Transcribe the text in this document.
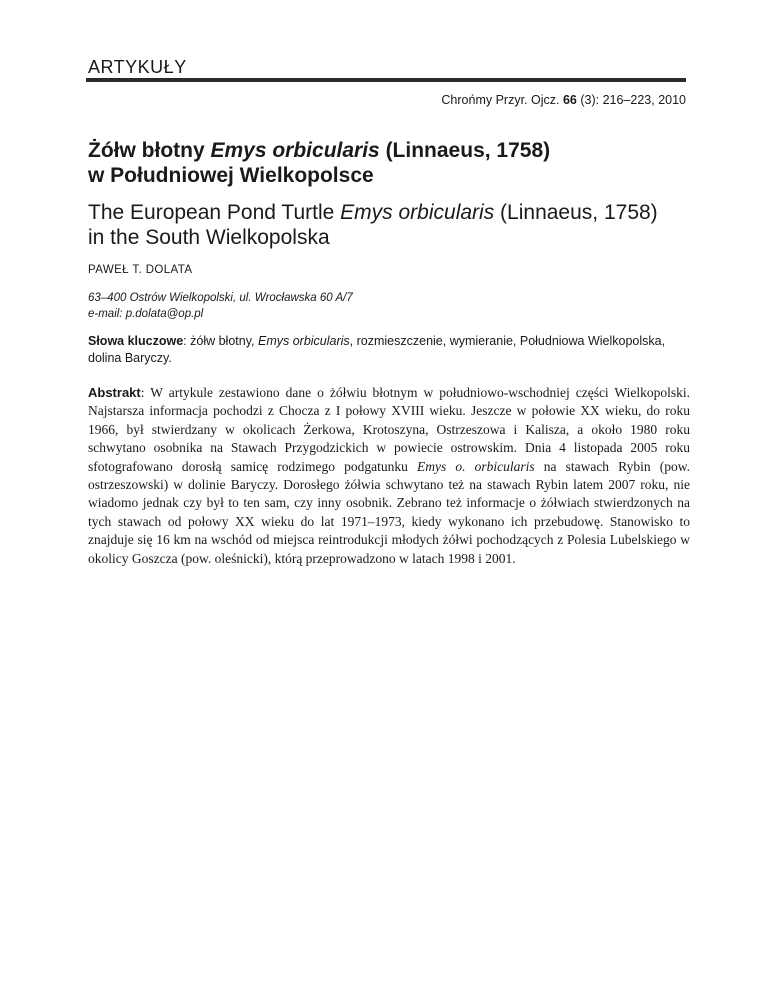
ARTYKUŁY
Chrońmy Przyr. Ojcz. 66 (3): 216–223, 2010
Żółw błotny Emys orbicularis (Linnaeus, 1758)
w Południowej Wielkopolsce
The European Pond Turtle Emys orbicularis (Linnaeus, 1758)
in the South Wielkopolska
PAWEŁ T. DOLATA
63–400 Ostrów Wielkopolski, ul. Wrocławska 60 A/7
e-mail: p.dolata@op.pl
Słowa kluczowe: żółw błotny, Emys orbicularis, rozmieszczenie, wymieranie, Południowa Wielkopolska, dolina Baryczy.
Abstrakt: W artykule zestawiono dane o żółwiu błotnym w południowo-wschodniej części Wielkopolski. Najstarsza informacja pochodzi z Chocza z I połowy XVIII wieku. Jeszcze w połowie XX wieku, do roku 1966, był stwierdzany w okolicach Żerkowa, Krotoszyna, Ostrzeszowa i Kalisza, a około 1980 roku schwytano osobnika na Stawach Przygodzickich w powiecie ostrowskim. Dnia 4 listopada 2005 roku sfotografowano dorosłą samicę rodzimego podgatunku Emys o. orbicularis na stawach Rybin (pow. ostrzeszowski) w dolinie Baryczy. Dorosłego żółwia schwytano też na stawach Rybin latem 2007 roku, nie wiadomo jednak czy był to ten sam, czy inny osobnik. Zebrano też informacje o żółwiach stwierdzonych na tych stawach od połowy XX wieku do lat 1971–1973, kiedy wykonano ich przebudowę. Stanowisko to znajduje się 16 km na wschód od miejsca reintrodukcji młodych żółwi pochodzących z Polesia Lubelskiego w okolicy Goszcza (pow. oleśnicki), którą przeprowadzono w latach 1998 i 2001.
